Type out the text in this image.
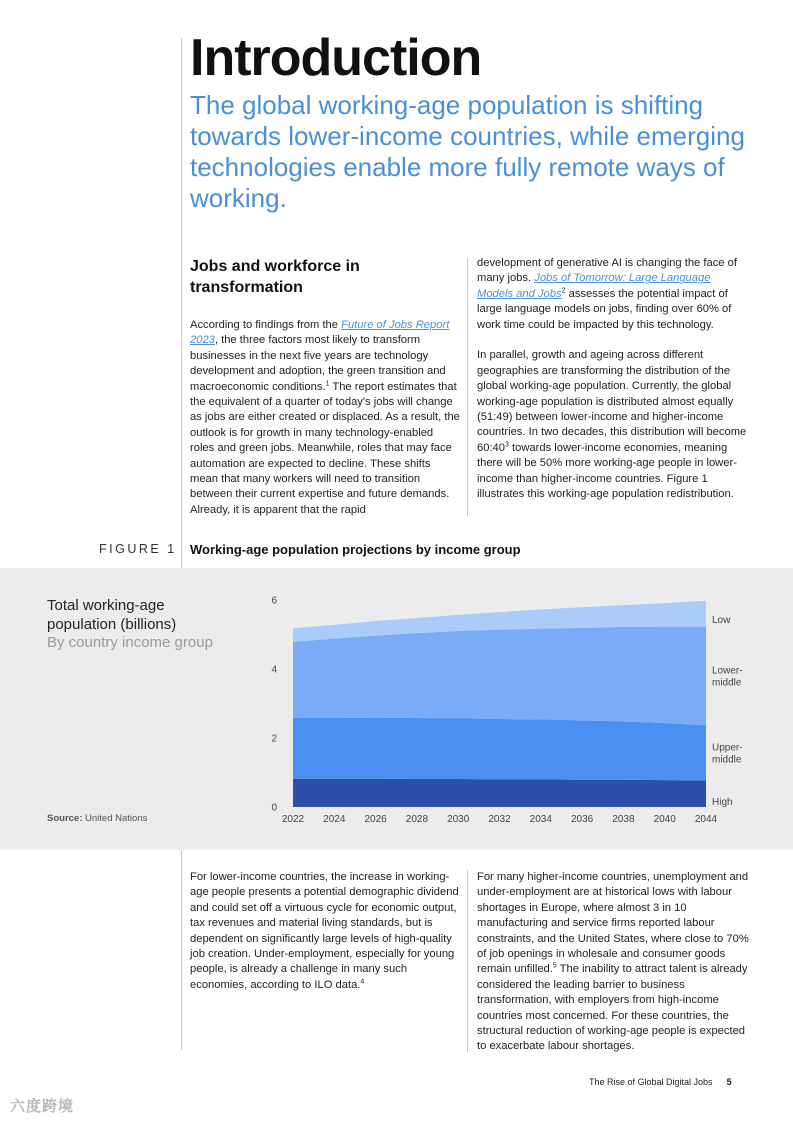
Introduction
The global working-age population is shifting towards lower-income countries, while emerging technologies enable more fully remote ways of working.
Jobs and workforce in transformation

According to findings from the Future of Jobs Report 2023, the three factors most likely to transform businesses in the next five years are technology development and adoption, the green transition and macroeconomic conditions.$^1$ The report estimates that the equivalent of a quarter of today's jobs will change as jobs are either created or displaced. As a result, the outlook is for growth in many technology-enabled roles and green jobs. Meanwhile, roles that may face automation are expected to decline. These shifts mean that many workers will need to transition between their current expertise and future demands. Already, it is apparent that the rapid

development of generative AI is changing the face of many jobs. Jobs of Tomorrow: Large Language Models and Jobs$^2$ assesses the potential impact of large language models on jobs, finding over 60% of work time could be impacted by this technology.

In parallel, growth and ageing across different geographies are transforming the distribution of the global working-age population. Currently, the global working-age population is distributed almost equally (51:49) between lower-income and higher-income countries. In two decades, this distribution will become $60:40^3$ towards lower-income economies, meaning there will be 50% more working-age people in lower-income than higher-income countries. Figure 1 illustrates this working-age population redistribution.

FIGURE 1 Working-age population projections by income group
Total working-age
population (billions)
By country income group
Source: United Nations
0
2
4
6
2022 2024 2026 2028 2030 2032 2034 2036 2038 2040 2044
Low
Lower-
middle
Upper-
middle
High

For lower-income countries, the increase in working-age people presents a potential demographic dividend and could set off a virtuous cycle for economic output, tax revenues and material living standards, but is dependent on significantly large levels of high-quality job creation. Under-employment, especially for young people, is already a challenge in many such economies, according to ILO data.$^4$

For many higher-income countries, unemployment and under-employment are at historical lows with labour shortages in Europe, where almost 3 in 10 manufacturing and service firms reported labour constraints, and the United States, where close to 70% of job openings in wholesale and consumer goods remain unfilled.$^5$ The inability to attract talent is already considered the leading barrier to business transformation, with employers from high-income countries most concerned. For these countries, the structural reduction of working-age people is expected to exacerbate labour shortages.

The Rise of Global Digital Jobs 5
六度跨境
